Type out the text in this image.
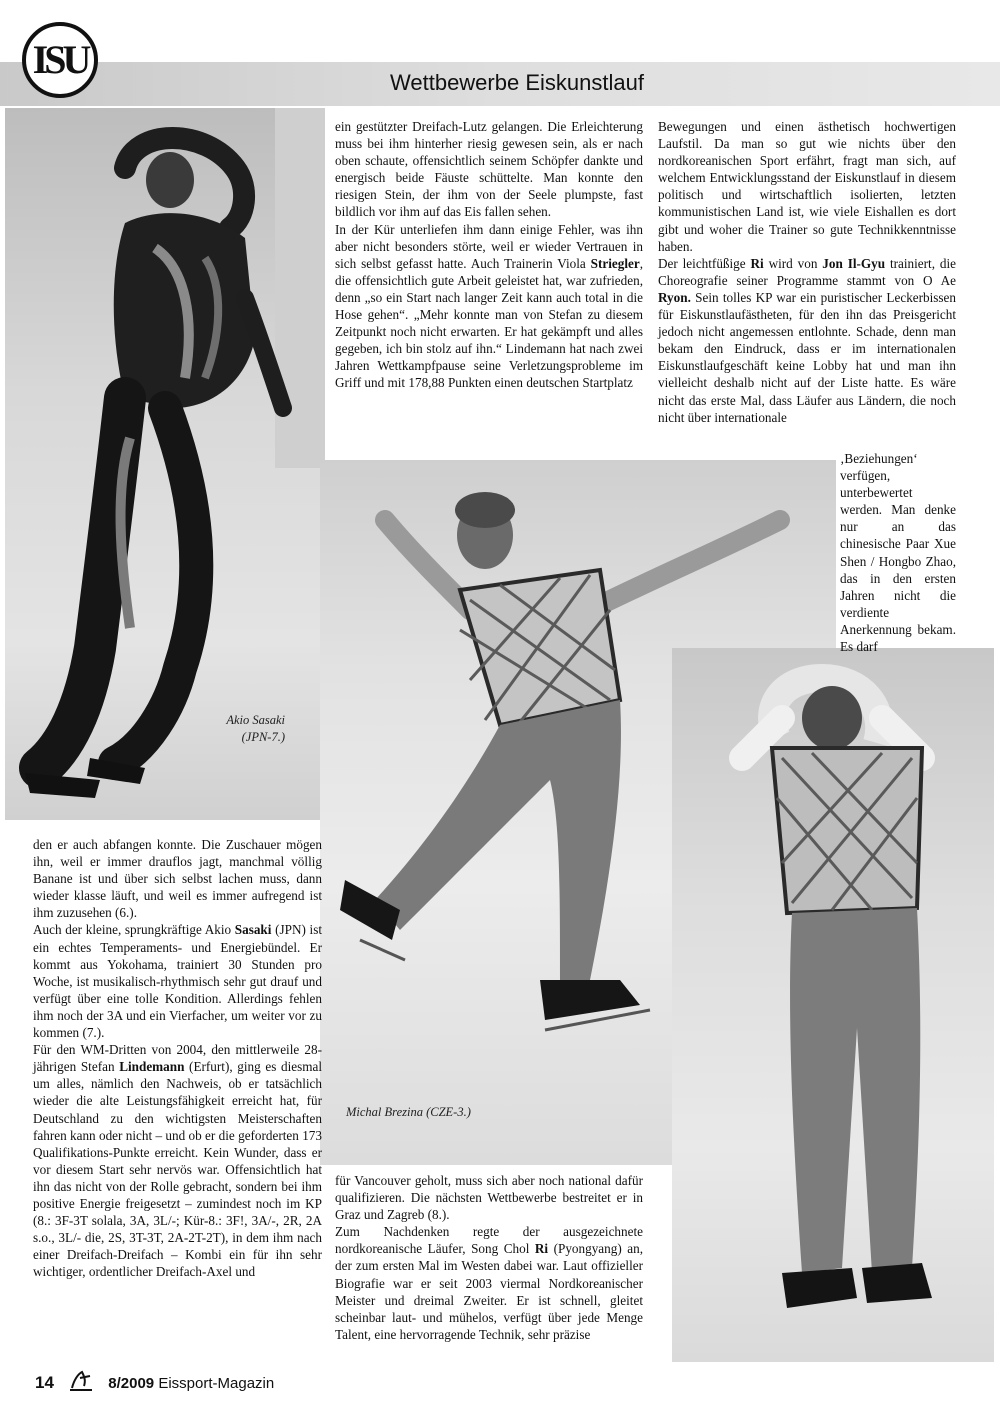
ISU
Wettbewerbe Eiskunstlauf
Akio Sasaki
(JPN-7.)
Michal Brezina (CZE-3.)

den er auch abfangen konnte. Die Zuschauer mögen ihn, weil er immer drauflos jagt, manchmal völlig Banane ist und über sich selbst lachen muss, dann wieder klasse läuft, und weil es immer aufregend ist ihm zuzusehen (6.).

Auch der kleine, sprungkräftige Akio Sasaki (JPN) ist ein echtes Temperaments- und Energiebündel. Er kommt aus Yokohama, trainiert 30 Stunden pro Woche, ist musikalisch-rhythmisch sehr gut drauf und verfügt über eine tolle Kondition. Allerdings fehlen ihm noch der 3A und ein Vierfacher, um weiter vor zu kommen (7.).

Für den WM-Dritten von 2004, den mittlerweile 28-jährigen Stefan Lindemann (Erfurt), ging es diesmal um alles, nämlich den Nachweis, ob er tatsächlich wieder die alte Leistungsfähigkeit erreicht hat, für Deutschland zu den wichtigsten Meisterschaften fahren kann oder nicht – und ob er die geforderten 173 Qualifikations-Punkte erreicht. Kein Wunder, dass er vor diesem Start sehr nervös war. Offensichtlich hat ihn das nicht von der Rolle gebracht, sondern bei ihm positive Energie freigesetzt – zumindest noch im KP (8.: 3F-3T solala, 3A, 3L/-; Kür-8.: 3F!, 3A/-, 2R, 2A s.o., 3L/- die, 2S, 3T-3T, 2A-2T-2T), in dem ihm nach einer Dreifach-Dreifach – Kombi ein für ihn sehr wichtiger, ordentlicher Dreifach-Axel und

ein gestützter Dreifach-Lutz gelangen. Die Erleichterung muss bei ihm hinterher riesig gewesen sein, als er nach oben schaute, offensichtlich seinem Schöpfer dankte und energisch beide Fäuste schüttelte. Man konnte den riesigen Stein, der ihm von der Seele plumpste, fast bildlich vor ihm auf das Eis fallen sehen.

In der Kür unterliefen ihm dann einige Fehler, was ihn aber nicht besonders störte, weil er wieder Vertrauen in sich selbst gefasst hatte. Auch Trainerin Viola Striegler, die offensichtlich gute Arbeit geleistet hat, war zufrieden, denn „so ein Start nach langer Zeit kann auch total in die Hose gehen“. „Mehr konnte man von Stefan zu diesem Zeitpunkt noch nicht erwarten. Er hat gekämpft und alles gegeben, ich bin stolz auf ihn.“ Lindemann hat nach zwei Jahren Wettkampfpause seine Verletzungsprobleme im Griff und mit 178,88 Punkten einen deutschen Startplatz

für Vancouver geholt, muss sich aber noch national dafür qualifizieren. Die nächsten Wettbewerbe bestreitet er in Graz und Zagreb (8.).

Zum Nachdenken regte der ausgezeichnete nordkoreanische Läufer, Song Chol Ri (Pyongyang) an, der zum ersten Mal im Westen dabei war. Laut offizieller Biografie war er seit 2003 viermal Nordkoreanischer Meister und dreimal Zweiter. Er ist schnell, gleitet scheinbar laut- und mühelos, verfügt über jede Menge Talent, eine hervorragende Technik, sehr präzise

Bewegungen und einen ästhetisch hochwertigen Laufstil. Da man so gut wie nichts über den nordkoreanischen Sport erfährt, fragt man sich, auf welchem Entwicklungsstand der Eiskunstlauf in diesem politisch und wirtschaftlich isolierten, letzten kommunistischen Land ist, wie viele Eishallen es dort gibt und woher die Trainer so gute Technikkenntnisse haben.

Der leichtfüßige Ri wird von Jon Il-Gyu trainiert, die Choreografie seiner Programme stammt von O Ae Ryon. Sein tolles KP war ein puristischer Leckerbissen für Eiskunstlaufästheten, für den ihn das Preisgericht jedoch nicht angemessen entlohnte. Schade, denn man bekam den Eindruck, dass er im internationalen Eiskunstlaufgeschäft keine Lobby hat und man ihn vielleicht deshalb nicht auf der Liste hatte. Es wäre nicht das erste Mal, dass Läufer aus Ländern, die noch nicht über internationale

‚Beziehungen‘ verfügen, unterbewertet werden. Man denke nur an das chinesische Paar Xue Shen / Hongbo Zhao, das in den ersten Jahren nicht die verdiente Anerkennung bekam. Es darf

14	8/2009 Eissport-Magazin
